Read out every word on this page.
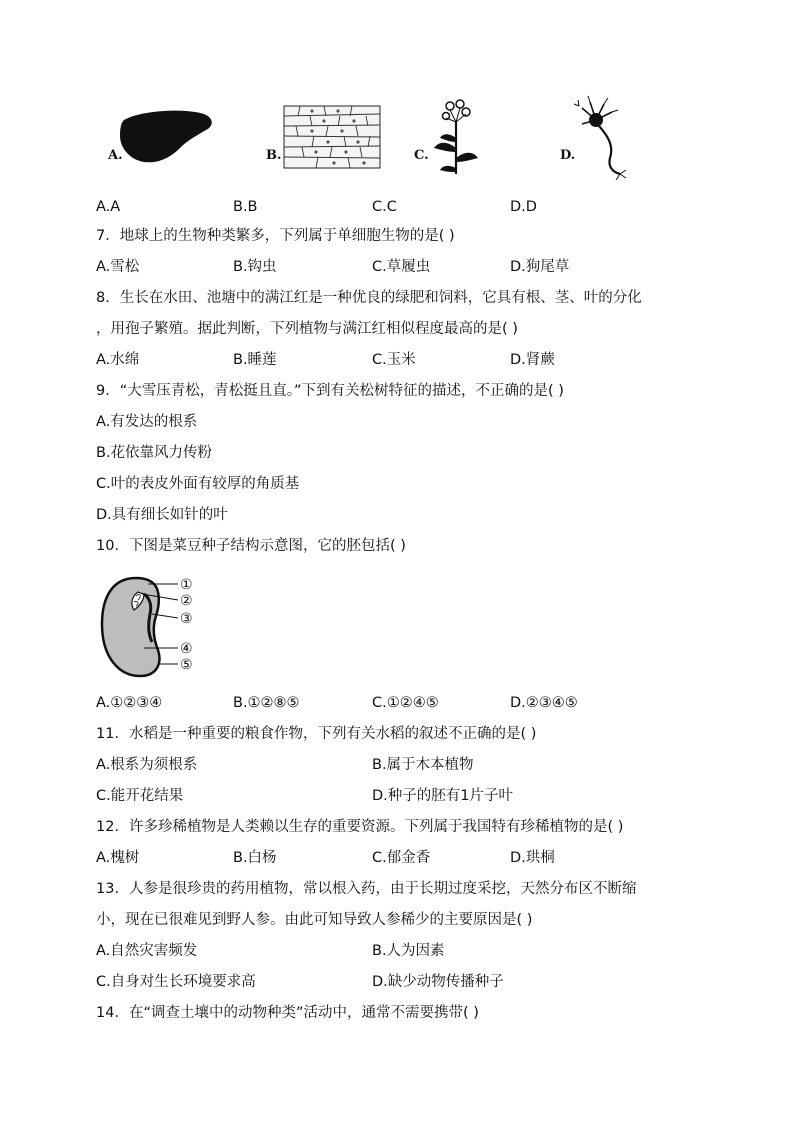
A.	B.	C.	D.
A.A	B.B	C.C	D.D
7．地球上的生物种类繁多，下列属于单细胞生物的是( )
A.雪松	B.钩虫	C.草履虫	D.狗尾草
8．生长在水田、池塘中的满江红是一种优良的绿肥和饲料，它具有根、茎、叶的分化
，用孢子繁殖。据此判断，下列植物与满江红相似程度最高的是( )
A.水绵	B.睡莲	C.玉米	D.肾蕨
9．“大雪压青松，青松挺且直。”下到有关松树特征的描述，不正确的是( )
A.有发达的根系
B.花依靠风力传粉
C.叶的表皮外面有较厚的角质基
D.具有细长如针的叶
10．下图是菜豆种子结构示意图，它的胚包括( )
①
②
③
④
⑤
A.①②③④	B.①②⑧⑤	C.①②④⑤	D.②③④⑤
11．水稻是一种重要的粮食作物，下列有关水稻的叙述不正确的是( )
A.根系为须根系	B.属于木本植物
C.能开花结果	D.种子的胚有1片子叶
12．许多珍稀植物是人类赖以生存的重要资源。下列属于我国特有珍稀植物的是( )
A.槐树	B.白杨	C.郁金香	D.珙桐
13．人参是很珍贵的药用植物，常以根入药，由于长期过度采挖，天然分布区不断缩
小，现在已很难见到野人参。由此可知导致人参稀少的主要原因是( )
A.自然灾害频发	B.人为因素
C.自身对生长环境要求高	D.缺少动物传播种子
14．在“调查土壤中的动物种类”活动中，通常不需要携带( )
